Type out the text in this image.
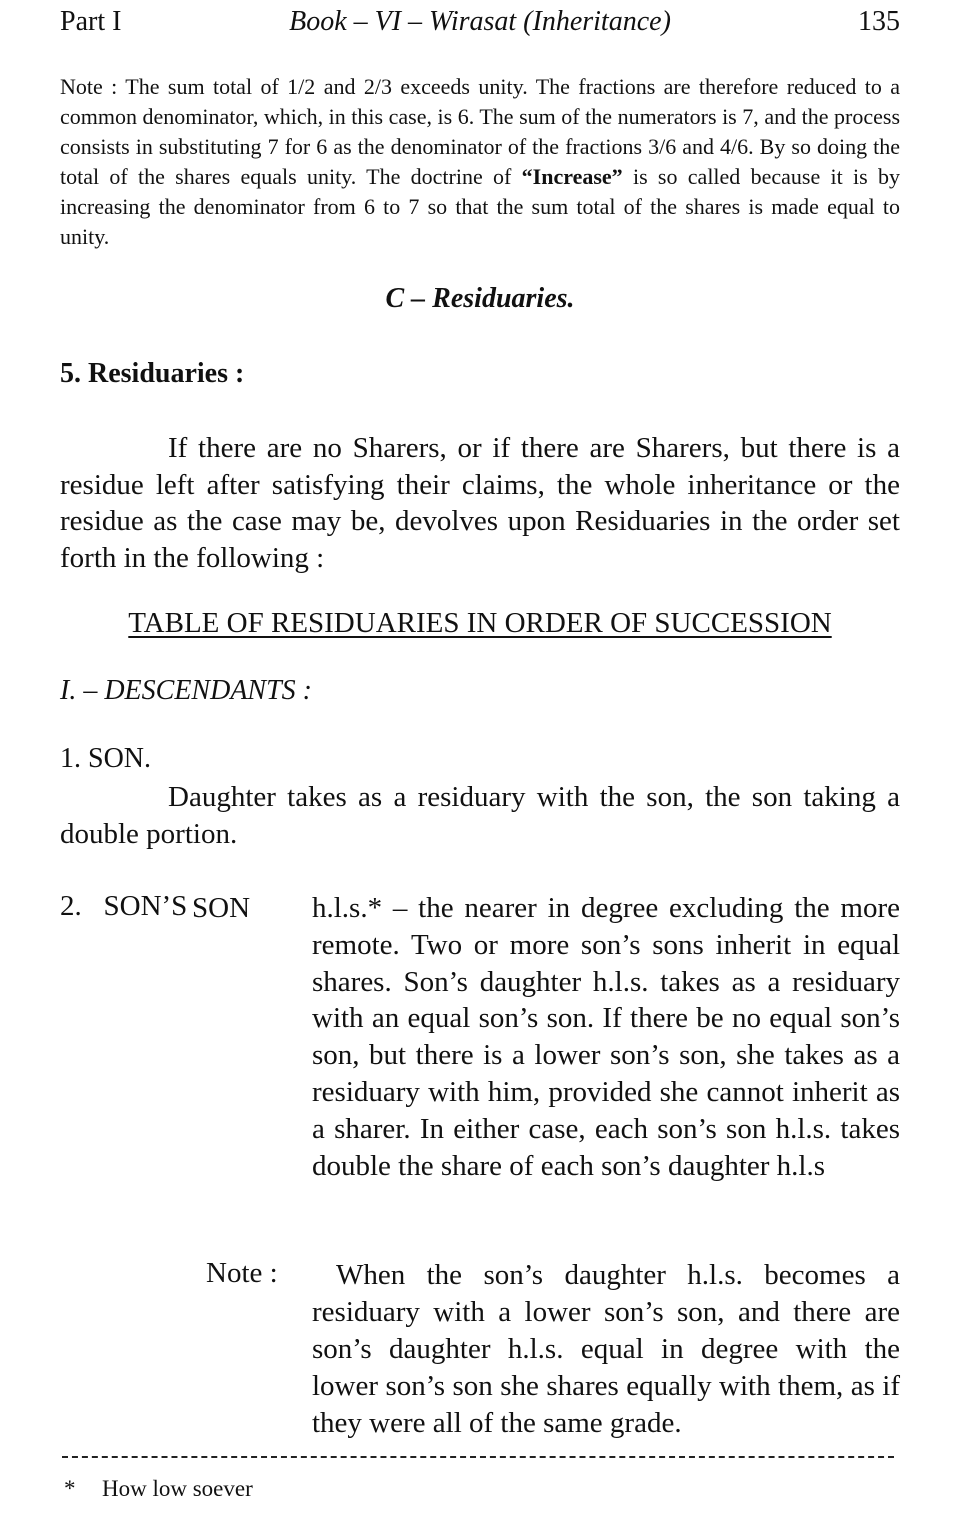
Part I	Book – VI – Wirasat (Inheritance)	135

Note : The sum total of 1/2 and 2/3 exceeds unity. The fractions are therefore reduced to a common denominator, which, in this case, is 6. The sum of the numerators is 7, and the process consists in substituting 7 for 6 as the denominator of the fractions 3/6 and 4/6. By so doing the total of the shares equals unity. The doctrine of “Increase” is so called because it is by increasing the denominator from 6 to 7 so that the sum total of the shares is made equal to unity.

C – Residuaries.
5. Residuaries :

If there are no Sharers, or if there are Sharers, but there is a residue left after satisfying their claims, the whole inheritance or the residue as the case may be, devolves upon Residuaries in the order set forth in the following :

TABLE OF RESIDUARIES IN ORDER OF SUCCESSION
I. – DESCENDANTS :
1. SON.

Daughter takes as a residuary with the son, the son taking a double portion.

2.   SON’S SON h.l.s.* – the nearer in degree excluding the more remote. Two or more son’s sons inherit in equal shares. Son’s daughter h.l.s. takes as a residuary with an equal son’s son. If there be no equal son’s son, but there is a lower son’s son, she takes as a residuary with him, provided she cannot inherit as a sharer. In either case, each son’s son h.l.s. takes double the share of each son’s daughter h.l.s
Note :	When the son’s daughter h.l.s. becomes a residuary with a lower son’s son, and there are son’s daughter h.l.s. equal in degree with the lower son’s son she shares equally with them, as if they were all of the same grade.

* How low soever
